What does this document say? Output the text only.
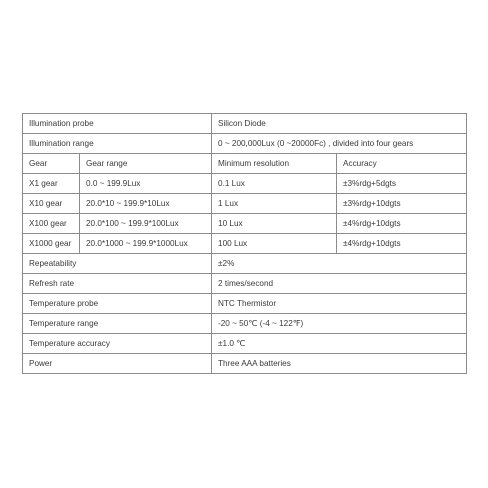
Illumination probe		Silicon Diode	
Illumination range		0 ~ 200,000Lux (0 ~20000Fc) , divided into four gears	
Gear	Gear range	Minimum resolution	Accuracy
X1 gear	0.0 ~ 199.9Lux	0.1 Lux	±3%rdg+5dgts
X10 gear	20.0*10 ~ 199.9*10Lux	1 Lux	±3%rdg+10dgts
X100 gear	20.0*100 ~ 199.9*100Lux	10 Lux	±4%rdg+10dgts
X1000 gear	20.0*1000 ~ 199.9*1000Lux	100 Lux	±4%rdg+10dgts
Repeatability		±2%	
Refresh rate		2 times/second	
Temperature probe		NTC Thermistor	
Temperature range		-20 ~ 50℃ (-4 ~ 122℉)	
Temperature accuracy		±1.0 ℃	
Power		Three AAA batteries	
